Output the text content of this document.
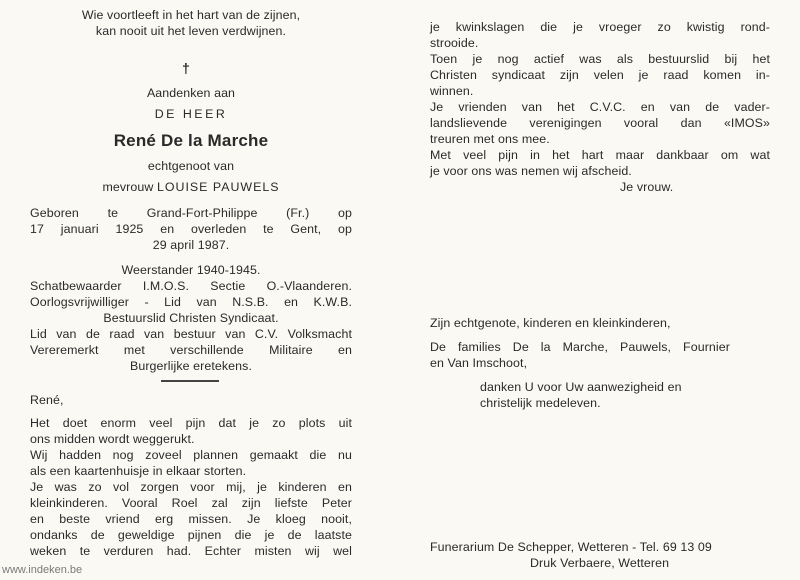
Wie voortleeft in het hart van de zijnen,
kan nooit uit het leven verdwijnen.
†
Aandenken aan
DE HEER
René De la Marche
echtgenoot van
mevrouw LOUISE PAUWELS
Geboren te Grand-Fort-Philippe (Fr.) op
17 januari 1925 en overleden te Gent, op
29 april 1987.
Weerstander 1940-1945.
Schatbewaarder I.M.O.S. Sectie O.-Vlaanderen.
Oorlogsvrijwilliger - Lid van N.S.B. en K.W.B.
Bestuurslid Christen Syndicaat.
Lid van de raad van bestuur van C.V. Volksmacht
Vereremerkt met verschillende Militaire en
Burgerlijke eretekens.
René,
Het doet enorm veel pijn dat je zo plots uit
ons midden wordt weggerukt.
Wij hadden nog zoveel plannen gemaakt die nu
als een kaartenhuisje in elkaar storten.
Je was zo vol zorgen voor mij, je kinderen en
kleinkinderen. Vooral Roel zal zijn liefste Peter
en beste vriend erg missen. Je kloeg nooit,
ondanks de geweldige pijnen die je de laatste
weken te verduren had. Echter misten wij wel
je kwinkslagen die je vroeger zo kwistig rond-
strooide.
Toen je nog actief was als bestuurslid bij het
Christen syndicaat zijn velen je raad komen in-
winnen.
Je vrienden van het C.V.C. en van de vader-
landslievende verenigingen vooral dan «IMOS»
treuren met ons mee.
Met veel pijn in het hart maar dankbaar om wat
je voor ons was nemen wij afscheid.
Je vrouw.
Zijn echtgenote, kinderen en kleinkinderen,
De families De la Marche, Pauwels, Fournier
en Van Imschoot,
danken U voor Uw aanwezigheid en
christelijk medeleven.
Funerarium De Schepper, Wetteren - Tel. 69 13 09
Druk Verbaere, Wetteren
www.indeken.be
